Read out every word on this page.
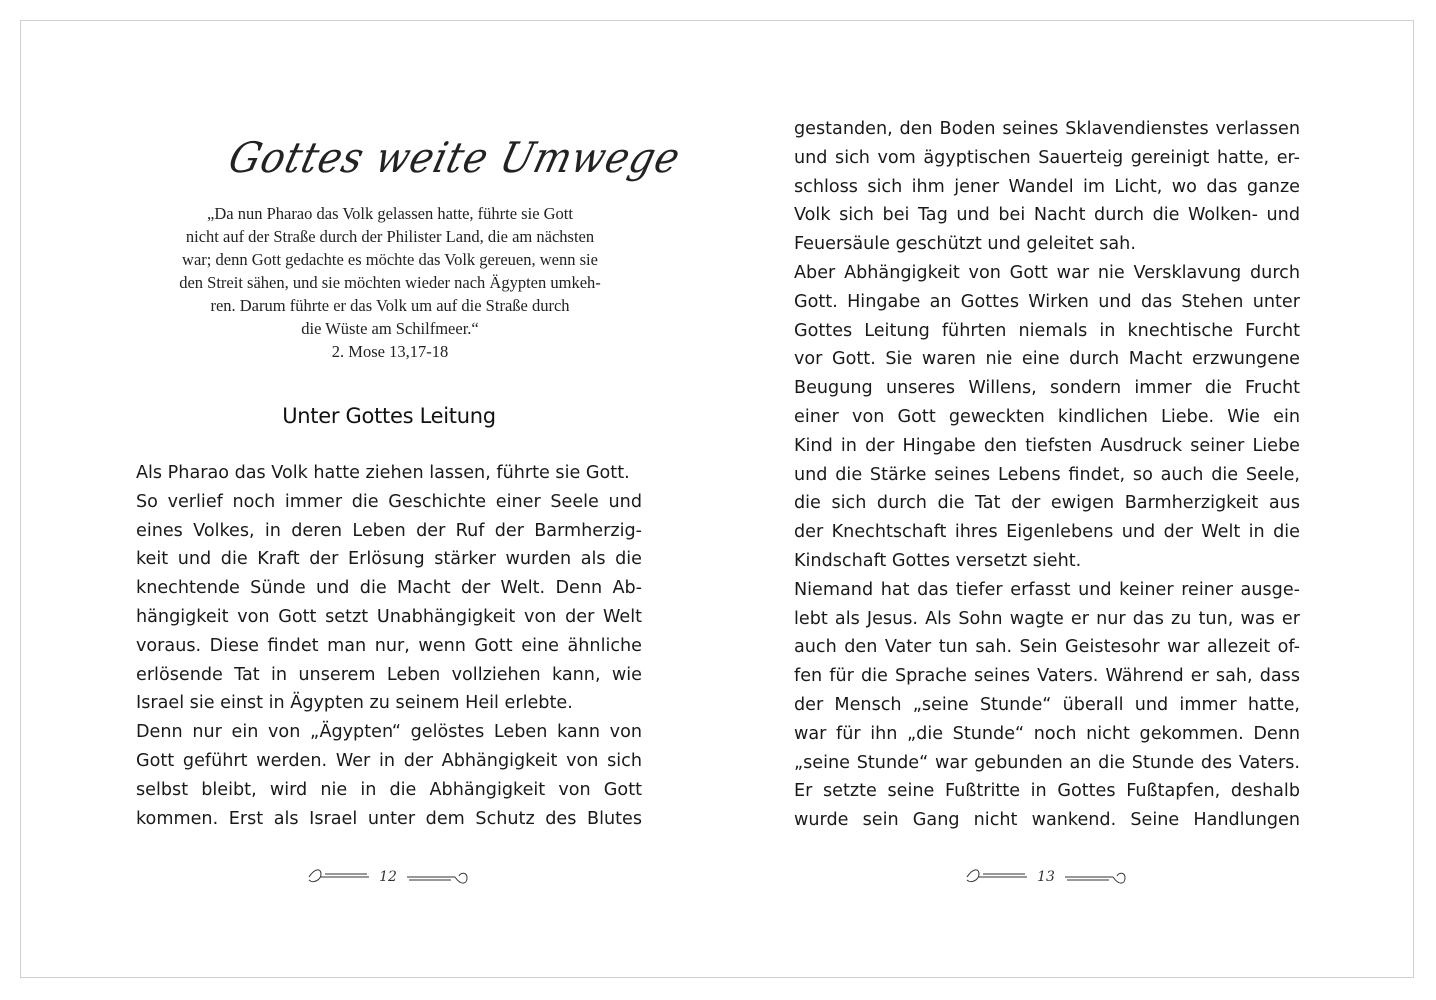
Gottes weite Umwege
„Da nun Pharao das Volk gelassen hatte, führte sie Gott
nicht auf der Straße durch der Philister Land, die am nächsten
war; denn Gott gedachte es möchte das Volk gereuen, wenn sie
den Streit sähen, und sie möchten wieder nach Ägypten umkeh-
ren. Darum führte er das Volk um auf die Straße durch
die Wüste am Schilfmeer.“
2. Mose 13,17-18
Unter Gottes Leitung
Als Pharao das Volk hatte ziehen lassen, führte sie Gott.
So verlief noch immer die Geschichte einer Seele und
eines Volkes, in deren Leben der Ruf der Barmherzig-
keit und die Kraft der Erlösung stärker wurden als die
knechtende Sünde und die Macht der Welt. Denn Ab-
hängigkeit von Gott setzt Unabhängigkeit von der Welt
voraus. Diese findet man nur, wenn Gott eine ähnliche
erlösende Tat in unserem Leben vollziehen kann, wie
Israel sie einst in Ägypten zu seinem Heil erlebte.
Denn nur ein von „Ägypten“ gelöstes Leben kann von
Gott geführt werden. Wer in der Abhängigkeit von sich
selbst bleibt, wird nie in die Abhängigkeit von Gott
kommen. Erst als Israel unter dem Schutz des Blutes
12
gestanden, den Boden seines Sklavendienstes verlassen
und sich vom ägyptischen Sauerteig gereinigt hatte, er-
schloss sich ihm jener Wandel im Licht, wo das ganze
Volk sich bei Tag und bei Nacht durch die Wolken- und
Feuersäule geschützt und geleitet sah.
Aber Abhängigkeit von Gott war nie Versklavung durch
Gott. Hingabe an Gottes Wirken und das Stehen unter
Gottes Leitung führten niemals in knechtische Furcht
vor Gott. Sie waren nie eine durch Macht erzwungene
Beugung unseres Willens, sondern immer die Frucht
einer von Gott geweckten kindlichen Liebe. Wie ein
Kind in der Hingabe den tiefsten Ausdruck seiner Liebe
und die Stärke seines Lebens findet, so auch die Seele,
die sich durch die Tat der ewigen Barmherzigkeit aus
der Knechtschaft ihres Eigenlebens und der Welt in die
Kindschaft Gottes versetzt sieht.
Niemand hat das tiefer erfasst und keiner reiner ausge-
lebt als Jesus. Als Sohn wagte er nur das zu tun, was er
auch den Vater tun sah. Sein Geistesohr war allezeit of-
fen für die Sprache seines Vaters. Während er sah, dass
der Mensch „seine Stunde“ überall und immer hatte,
war für ihn „die Stunde“ noch nicht gekommen. Denn
„seine Stunde“ war gebunden an die Stunde des Vaters.
Er setzte seine Fußtritte in Gottes Fußtapfen, deshalb
wurde sein Gang nicht wankend. Seine Handlungen
13
